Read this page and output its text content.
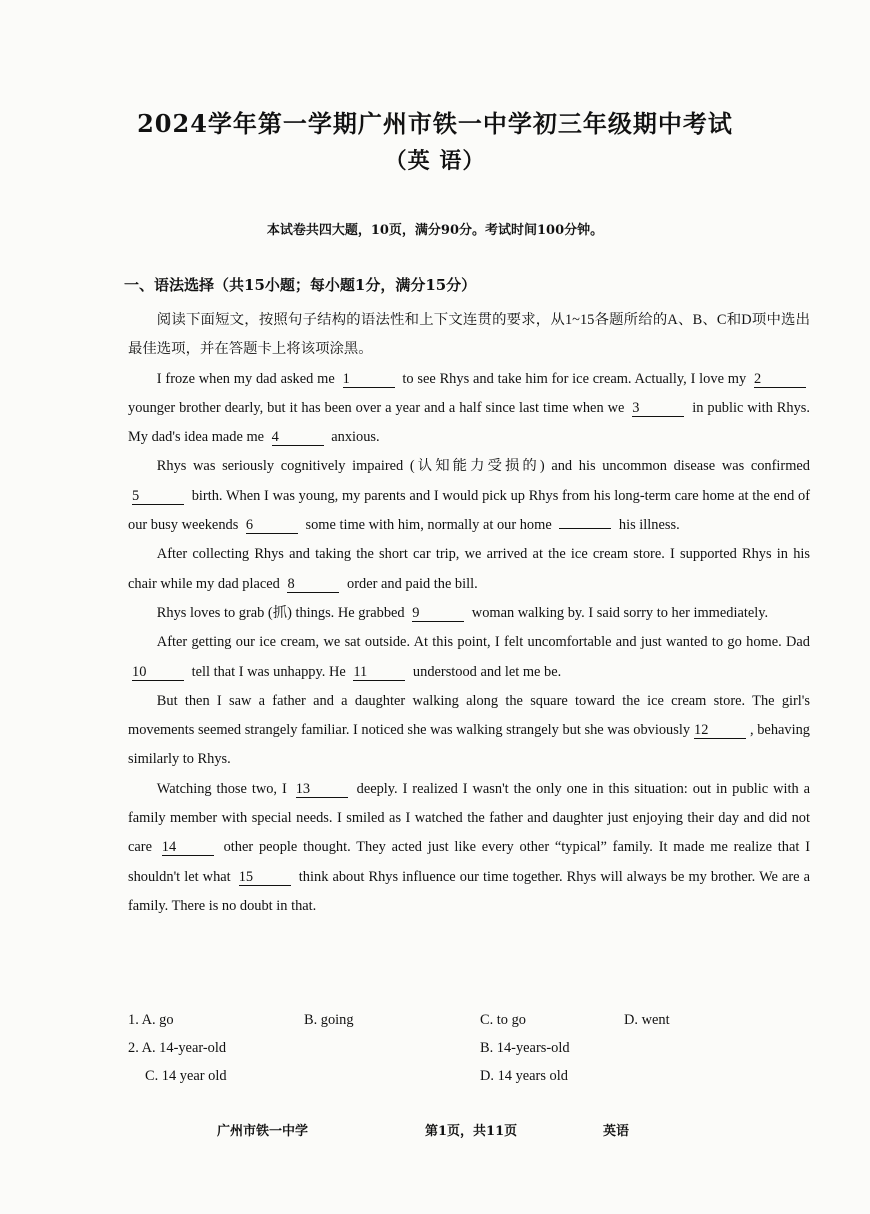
2024学年第一学期广州市铁一中学初三年级期中考试
（英 语）
本试卷共四大题，10页，满分90分。考试时间100分钟。
一、语法选择（共15小题；每小题1分，满分15分）

阅读下面短文，按照句子结构的语法性和上下文连贯的要求，从1~15各题所给的A、B、C和D项中选出最佳选项，并在答题卡上将该项涂黑。

I froze when my dad asked me 1	to see Rhys and take him for ice cream. Actually, I love my 2 younger brother dearly, but it has been over a year and a half since last time when we 3	in public with Rhys. My dad's idea made me 4	anxious.

Rhys was seriously cognitively impaired (认知能力受损的) and his uncommon disease was confirmed 5	birth. When I was young, my parents and I would pick up Rhys from his long-term care home at the end of our busy weekends 6	some time with him, normally at our home	his illness.

After collecting Rhys and taking the short car trip, we arrived at the ice cream store. I supported Rhys in his chair while my dad placed 8	order and paid the bill.

Rhys loves to grab (抓) things. He grabbed 9	woman walking by. I said sorry to her immediately.

After getting our ice cream, we sat outside. At this point, I felt uncomfortable and just wanted to go home. Dad 10	tell that I was unhappy. He 11	understood and let me be.

But then I saw a father and a daughter walking along the square toward the ice cream store. The girl's movements seemed strangely familiar. I noticed she was walking strangely but she was obviously 12	, behaving similarly to Rhys.

Watching those two, I 13	deeply. I realized I wasn't the only one in this situation: out in public with a family member with special needs. I smiled as I watched the father and daughter just enjoying their day and did not care 14	other people thought. They acted just like every other “typical” family. It made me realize that I shouldn't let what 15	think about Rhys influence our time together. Rhys will always be my brother. We are a family. There is no doubt in that.

1. A. go	B. going	C. to go	D. went
2. A. 14-year-old	B. 14-years-old
C. 14 year old	D. 14 years old
广州市铁一中学	第1页，共11页	英语
